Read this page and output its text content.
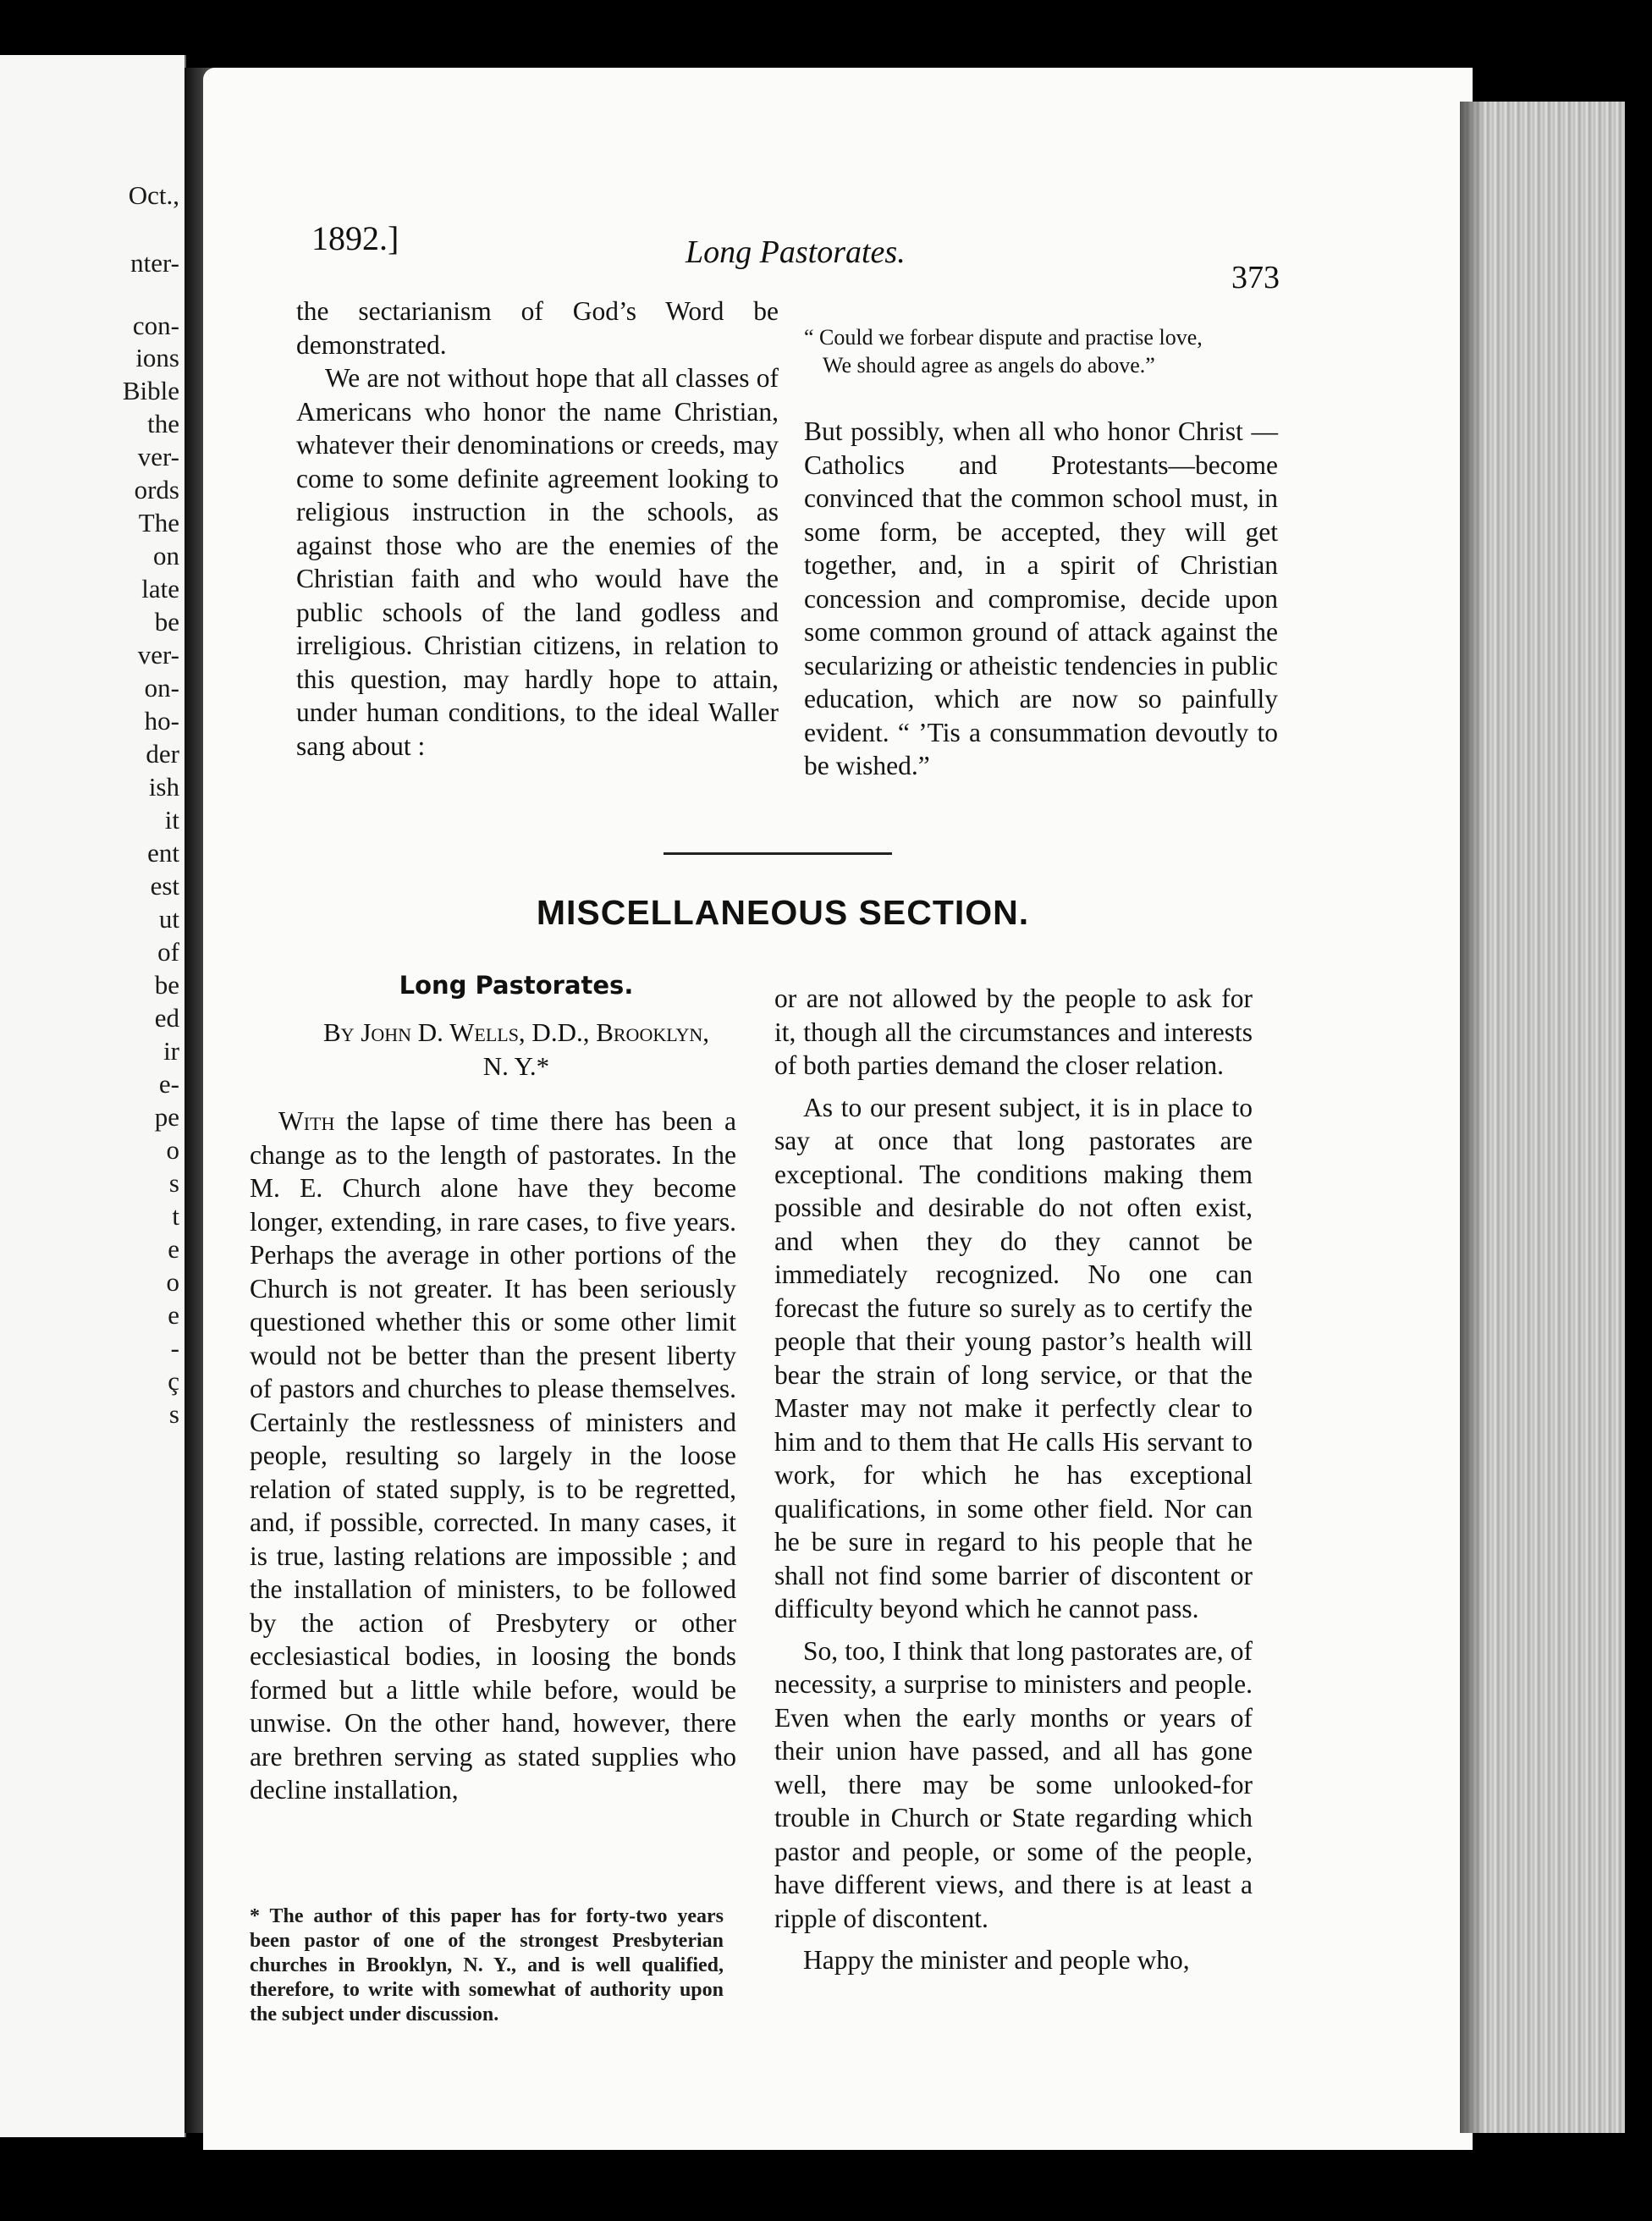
Oct.,
nter-
con-
ions
Bible
the
ver-
ords
The
on
late
be
ver-
on-
ho-
der
ish
it
ent
est
ut
of
be
ed
ir
e-
pe
o
s
t
e
o
e
-
ç
s
1892.]	Long Pastorates.
373

the sectarianism of God’s Word be demonstrated.

We are not without hope that all classes of Americans who honor the name Christian, whatever their denominations or creeds, may come to some definite agreement looking to religious instruction in the schools, as against those who are the enemies of the Christian faith and who would have the public schools of the land godless and irreligious. Christian citizens, in relation to this question, may hardly hope to attain, under human conditions, to the ideal Waller sang about :

“ Could we forbear dispute and practise love,
We should agree as angels do above.”

But possibly, when all who honor Christ —Catholics and Protestants—become convinced that the common school must, in some form, be accepted, they will get together, and, in a spirit of Christian concession and compromise, decide upon some common ground of attack against the secularizing or atheistic tendencies in public education, which are now so painfully evident. “ ’Tis a consummation devoutly to be wished.”

MISCELLANEOUS SECTION.
Long Pastorates.
By John D. Wells, D.D., Brooklyn,
N. Y.*

With the lapse of time there has been a change as to the length of pastorates. In the M. E. Church alone have they become longer, extending, in rare cases, to five years. Perhaps the average in other portions of the Church is not greater. It has been seriously questioned whether this or some other limit would not be better than the present liberty of pastors and churches to please themselves. Certainly the restlessness of ministers and people, resulting so largely in the loose relation of stated supply, is to be regretted, and, if possible, corrected. In many cases, it is true, lasting relations are impossible ; and the installation of ministers, to be followed by the action of Presbytery or other ecclesiastical bodies, in loosing the bonds formed but a little while before, would be unwise. On the other hand, however, there are brethren serving as stated supplies who decline installation,

or are not allowed by the people to ask for it, though all the circumstances and interests of both parties demand the closer relation.

As to our present subject, it is in place to say at once that long pastorates are exceptional. The conditions making them possible and desirable do not often exist, and when they do they cannot be immediately recognized. No one can forecast the future so surely as to certify the people that their young pastor’s health will bear the strain of long service, or that the Master may not make it perfectly clear to him and to them that He calls His servant to work, for which he has exceptional qualifications, in some other field. Nor can he be sure in regard to his people that he shall not find some barrier of discontent or difficulty beyond which he cannot pass.

So, too, I think that long pastorates are, of necessity, a surprise to ministers and people. Even when the early months or years of their union have passed, and all has gone well, there may be some unlooked-for trouble in Church or State regarding which pastor and people, or some of the people, have different views, and there is at least a ripple of discontent.

Happy the minister and people who,

* The author of this paper has for forty-two years been pastor of one of the strongest Presbyterian churches in Brooklyn, N. Y., and is well qualified, therefore, to write with somewhat of authority upon the subject under discussion.
